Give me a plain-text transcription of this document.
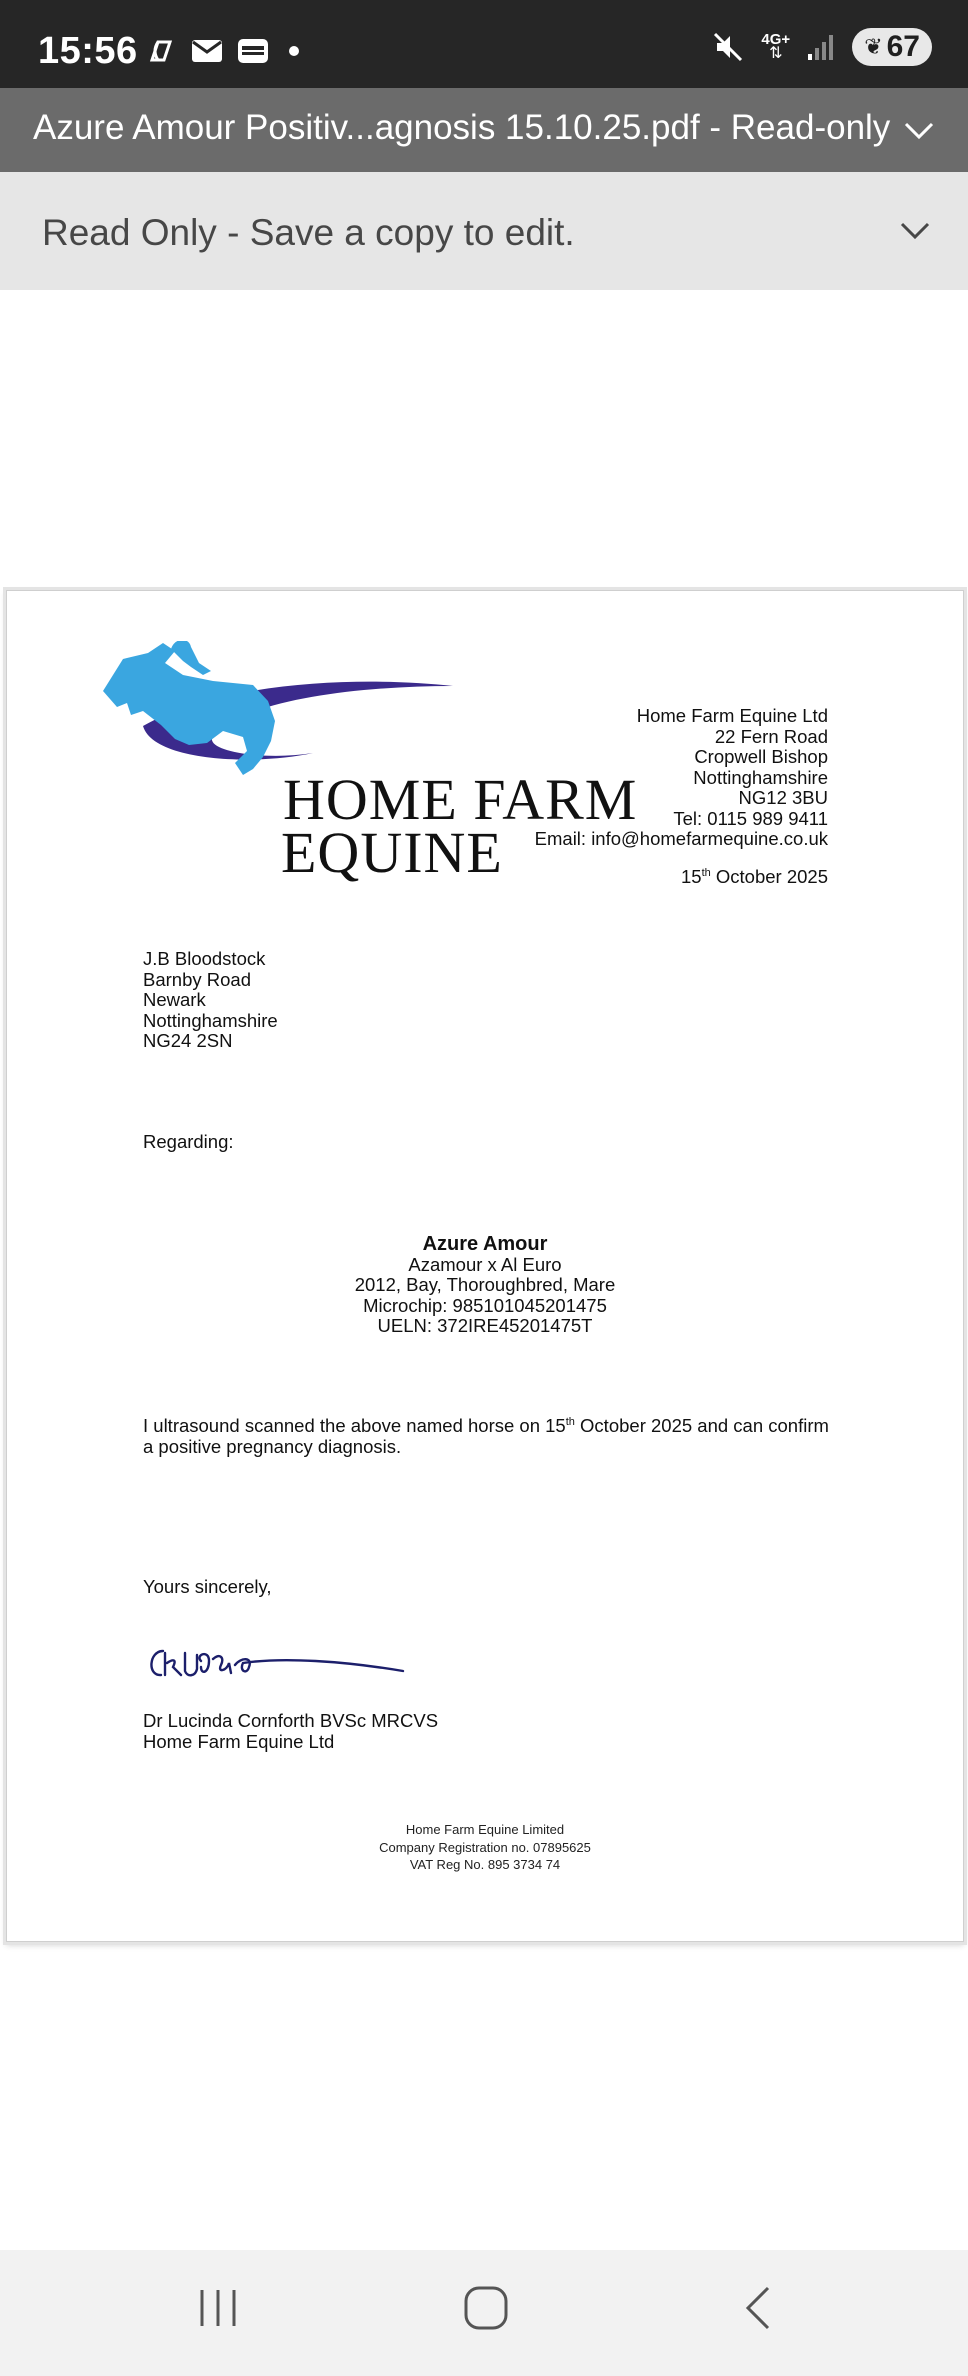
15:56	4G+
⇅	❦ 67
Azure Amour Positiv...agnosis 15.10.25.pdf - Read-only
Read Only - Save a copy to edit.
HOME FARM
EQUINE
Home Farm Equine Ltd
22 Fern Road
Cropwell Bishop
Nottinghamshire
NG12 3BU
Tel: 0115 989 9411
Email: info@homefarmequine.co.uk
15th October 2025
J.B Bloodstock
Barnby Road
Newark
Nottinghamshire
NG24 2SN
Regarding:
Azure Amour
Azamour x Al Euro
2012, Bay, Thoroughbred, Mare
Microchip: 985101045201475
UELN: 372IRE45201475T
I ultrasound scanned the above named horse on 15th October 2025 and can confirm a positive pregnancy diagnosis.
Yours sincerely,
Dr Lucinda Cornforth BVSc MRCVS
Home Farm Equine Ltd
Home Farm Equine Limited
Company Registration no. 07895625
VAT Reg No. 895 3734 74
